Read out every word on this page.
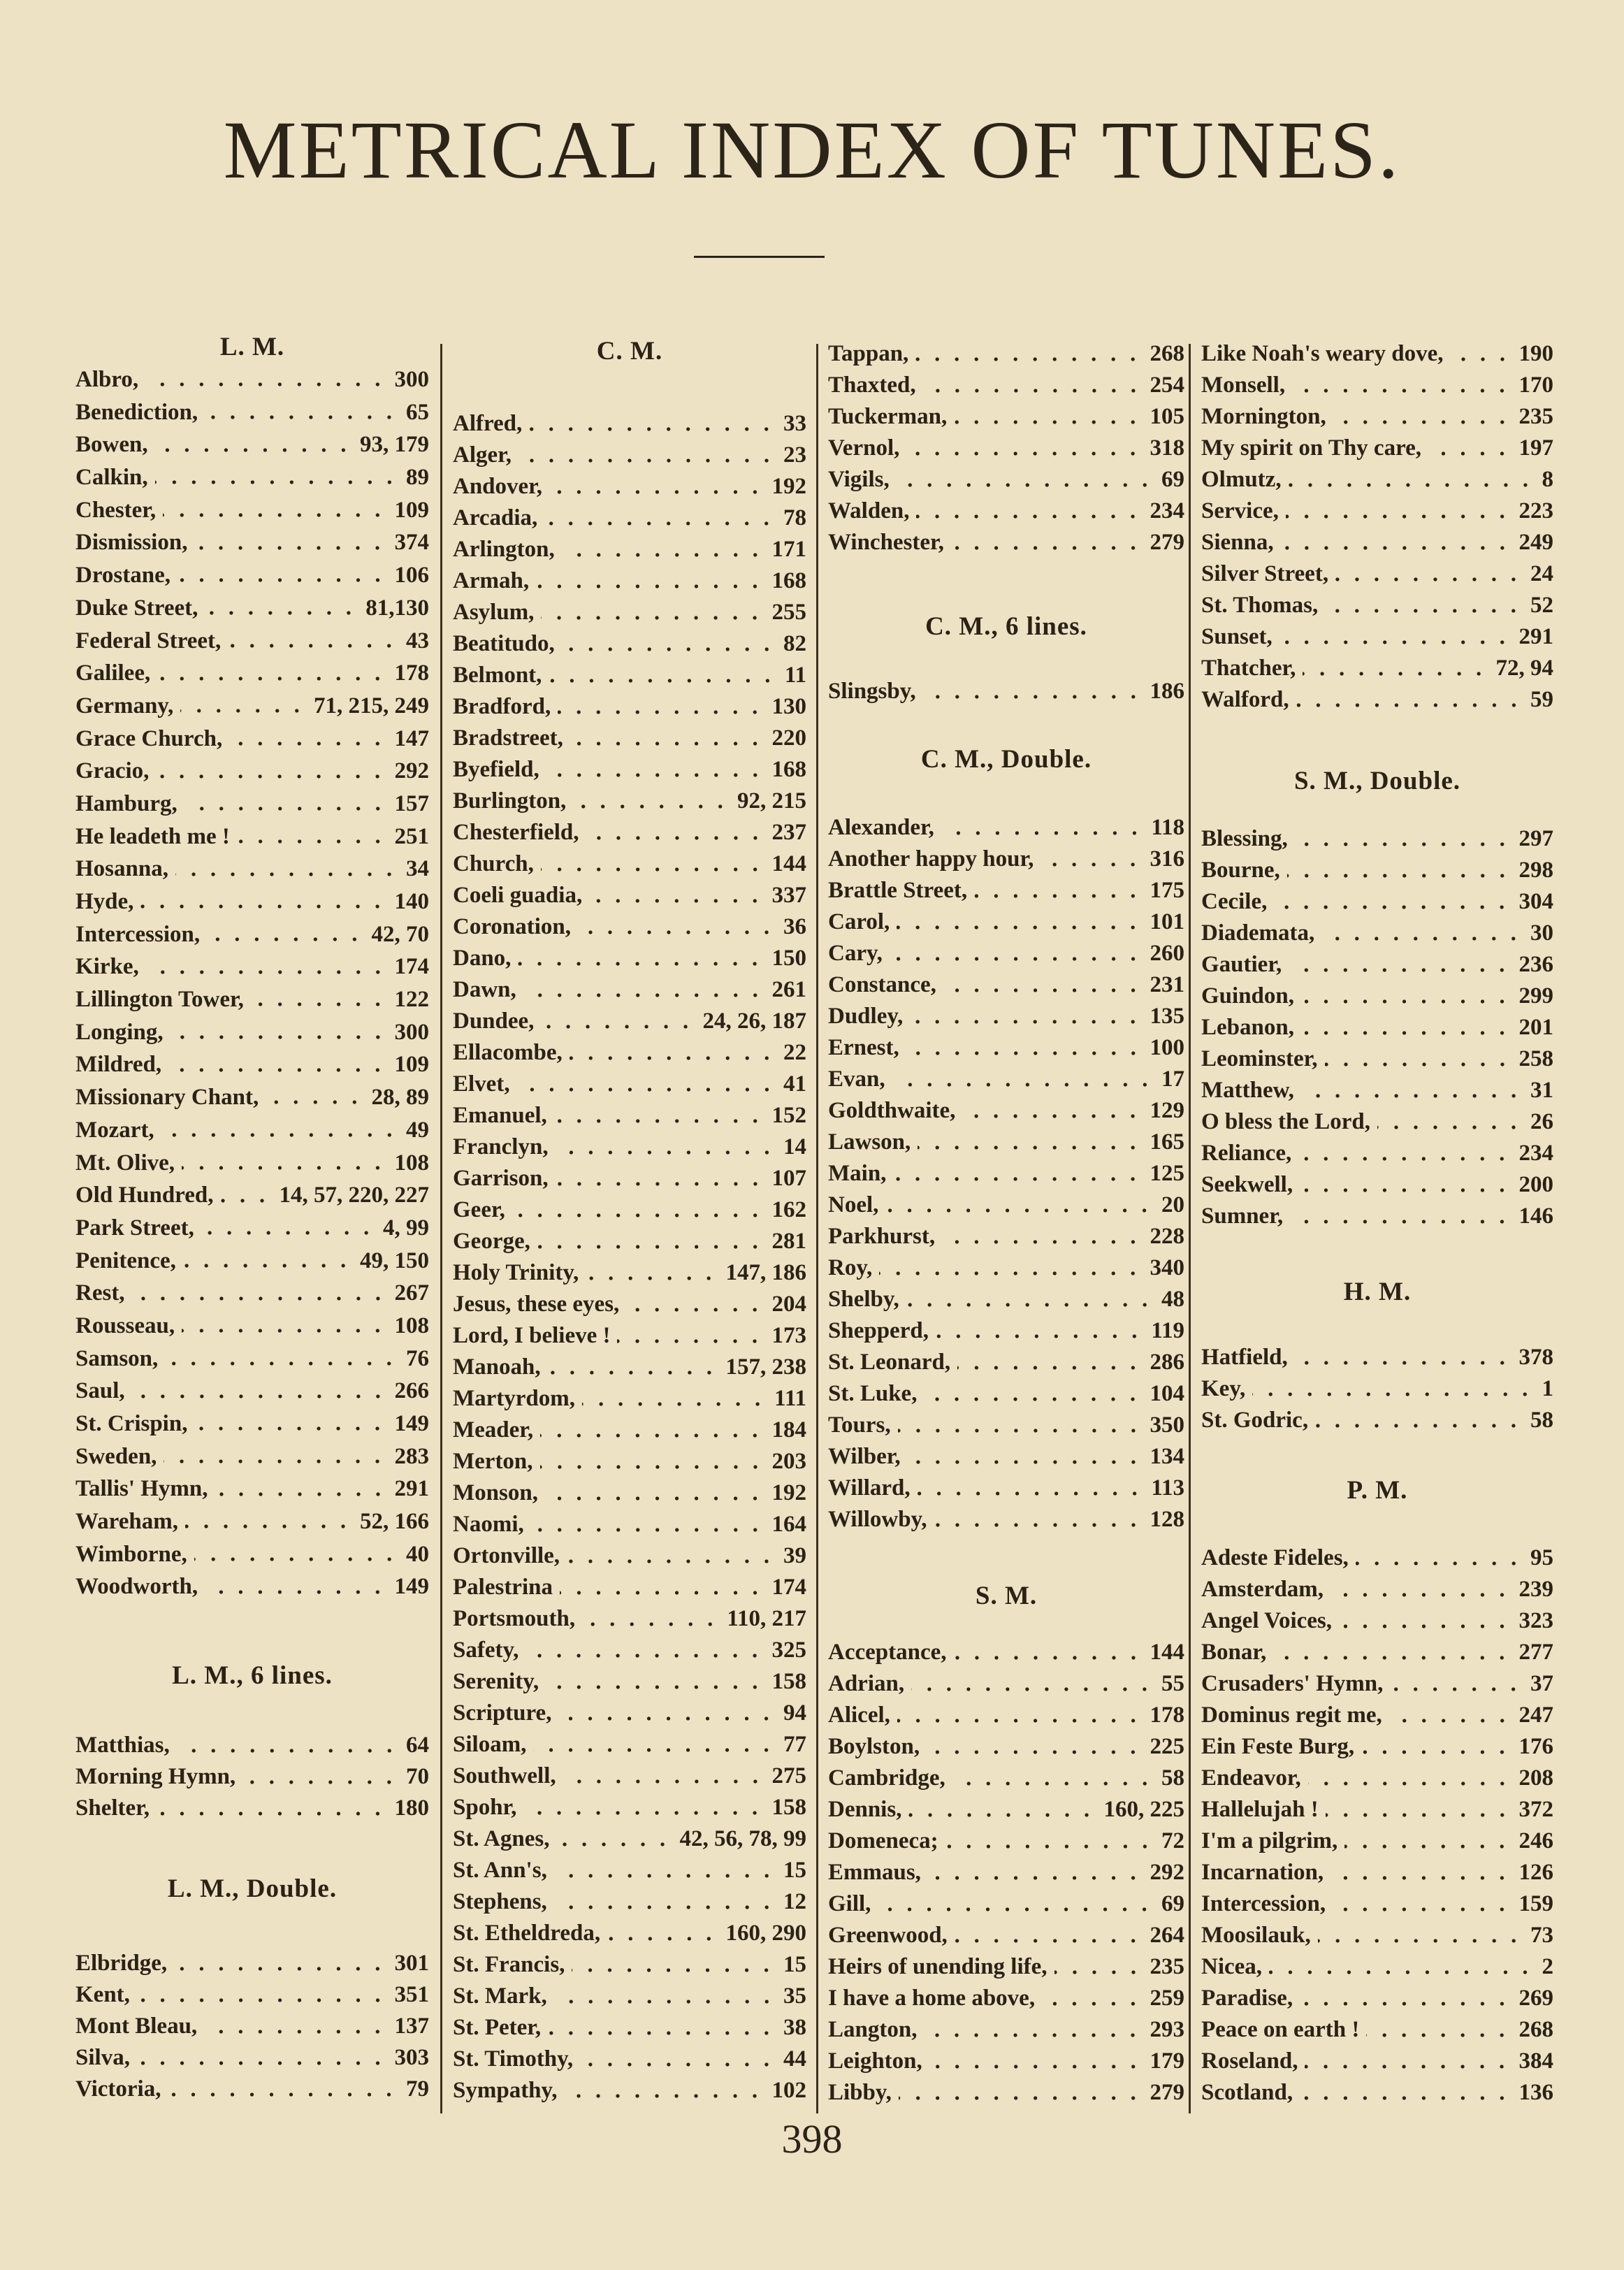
METRICAL INDEX OF TUNES.
L. M.
Albro,	300
Benediction,	65
Bowen,	93, 179
Calkin,	89
Chester,	109
Dismission,	374
Drostane,	106
Duke Street,	81,130
Federal Street,	43
Galilee,	178
Germany,	71, 215, 249
Grace Church,	147
Gracio,	292
Hamburg,	157
He leadeth me !	251
Hosanna,	34
Hyde,	140
Intercession,	42, 70
Kirke,	174
Lillington Tower,	122
Longing,	300
Mildred,	109
Missionary Chant,	28, 89
Mozart,	49
Mt. Olive,	108
Old Hundred,	14, 57, 220, 227
Park Street,	4, 99
Penitence,	49, 150
Rest,	267
Rousseau,	108
Samson,	76
Saul,	266
St. Crispin,	149
Sweden,	283
Tallis' Hymn,	291
Wareham,	52, 166
Wimborne,	40
Woodworth,	149
L. M., 6 lines.
Matthias,	64
Morning Hymn,	70
Shelter,	180
L. M., Double.
Elbridge,	301
Kent,	351
Mont Bleau,	137
Silva,	303
Victoria,	79
C. M.
Alfred,	33
Alger,	23
Andover,	192
Arcadia,	78
Arlington,	171
Armah,	168
Asylum,	255
Beatitudo,	82
Belmont,	11
Bradford,	130
Bradstreet,	220
Byefield,	168
Burlington,	92, 215
Chesterfield,	237
Church,	144
Coeli guadia,	337
Coronation,	36
Dano,	150
Dawn,	261
Dundee,	24, 26, 187
Ellacombe,	22
Elvet,	41
Emanuel,	152
Franclyn,	14
Garrison,	107
Geer,	162
George,	281
Holy Trinity,	147, 186
Jesus, these eyes,	204
Lord, I believe !	173
Manoah,	157, 238
Martyrdom,	111
Meader,	184
Merton,	203
Monson,	192
Naomi,	164
Ortonville,	39
Palestrina	174
Portsmouth,	110, 217
Safety,	325
Serenity,	158
Scripture,	94
Siloam,	77
Southwell,	275
Spohr,	158
St. Agnes,	42, 56, 78, 99
St. Ann's,	15
Stephens,	12
St. Etheldreda,	160, 290
St. Francis,	15
St. Mark,	35
St. Peter,	38
St. Timothy,	44
Sympathy,	102
Tappan,	268
Thaxted,	254
Tuckerman,	105
Vernol,	318
Vigils,	69
Walden,	234
Winchester,	279
C. M., 6 lines.
Slingsby,	186
C. M., Double.
Alexander,	118
Another happy hour,	316
Brattle Street,	175
Carol,	101
Cary,	260
Constance,	231
Dudley,	135
Ernest,	100
Evan,	17
Goldthwaite,	129
Lawson,	165
Main,	125
Noel,	20
Parkhurst,	228
Roy,	340
Shelby,	48
Shepperd,	119
St. Leonard,	286
St. Luke,	104
Tours,	350
Wilber,	134
Willard,	113
Willowby,	128
S. M.
Acceptance,	144
Adrian,	55
Alicel,	178
Boylston,	225
Cambridge,	58
Dennis,	160, 225
Domeneca;	72
Emmaus,	292
Gill,	69
Greenwood,	264
Heirs of unending life,	235
I have a home above,	259
Langton,	293
Leighton,	179
Libby,	279
Like Noah's weary dove,	190
Monsell,	170
Mornington,	235
My spirit on Thy care,	197
Olmutz,	8
Service,	223
Sienna,	249
Silver Street,	24
St. Thomas,	52
Sunset,	291
Thatcher,	72, 94
Walford,	59
S. M., Double.
Blessing,	297
Bourne,	298
Cecile,	304
Diademata,	30
Gautier,	236
Guindon,	299
Lebanon,	201
Leominster,	258
Matthew,	31
O bless the Lord,	26
Reliance,	234
Seekwell,	200
Sumner,	146
H. M.
Hatfield,	378
Key,	1
St. Godric,	58
P. M.
Adeste Fideles,	95
Amsterdam,	239
Angel Voices,	323
Bonar,	277
Crusaders' Hymn,	37
Dominus regit me,	247
Ein Feste Burg,	176
Endeavor,	208
Hallelujah !	372
I'm a pilgrim,	246
Incarnation,	126
Intercession,	159
Moosilauk,	73
Nicea,	2
Paradise,	269
Peace on earth !	268
Roseland,	384
Scotland,	136
398
